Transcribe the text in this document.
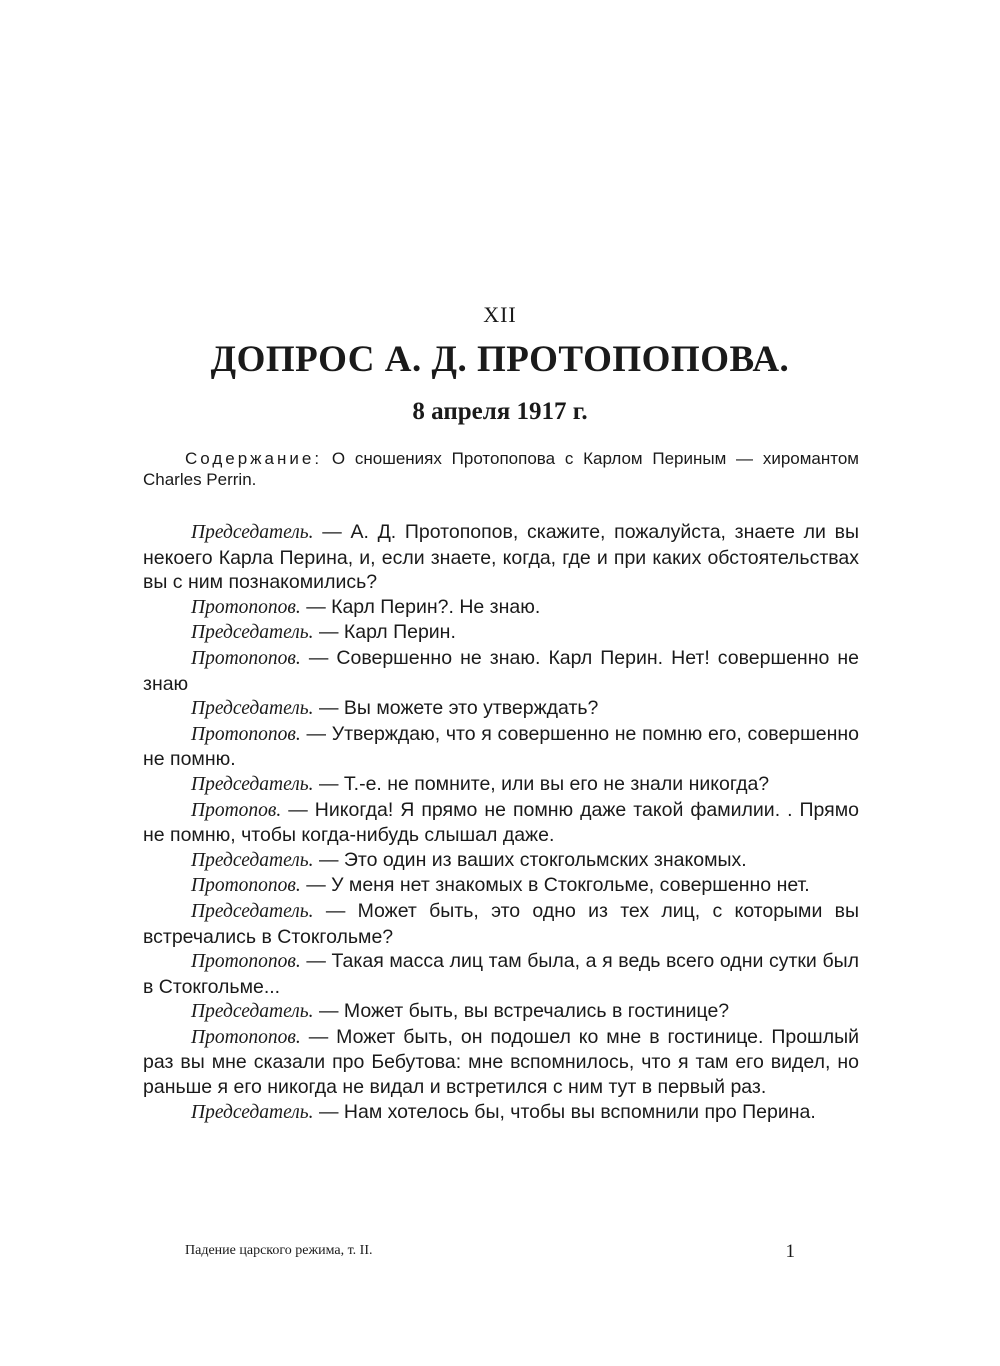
XII
ДОПРОС А. Д. ПРОТОПОПОВА.
8 апреля 1917 г.
Содержание: О сношениях Протопопова с Карлом Периным — хиромантом Charles Perrin.

Председатель. — А. Д. Протопопов, скажите, пожалуйста, знаете ли вы некоего Карла Перина, и, если знаете, когда, где и при каких обстоятельствах вы с ним познакомились?

Протопопов. — Карл Перин?. Не знаю.

Председатель. — Карл Перин.

Протопопов. — Совершенно не знаю. Карл Перин. Нет! совершенно не знаю

Председатель. — Вы можете это утверждать?

Протопопов. — Утверждаю, что я совершенно не помню его, совершенно не помню.

Председатель. — Т.-е. не помните, или вы его не знали никогда?

Протопов. — Никогда! Я прямо не помню даже такой фамилии. . Прямо не помню, чтобы когда-нибудь слышал даже.

Председатель. — Это один из ваших стокгольмских знакомых.

Протопопов. — У меня нет знакомых в Стокгольме, совершенно нет.

Председатель. — Может быть, это одно из тех лиц, с которыми вы встречались в Стокгольме?

Протопопов. — Такая масса лиц там была, а я ведь всего одни сутки был в Стокгольме...

Председатель. — Может быть, вы встречались в гостинице?

Протопопов. — Может быть, он подошел ко мне в гостинице. Прошлый раз вы мне сказали про Бебутова: мне вспомнилось, что я там его видел, но раньше я его никогда не видал и встретился с ним тут в первый раз.

Председатель. — Нам хотелось бы, чтобы вы вспомнили про Перина.

Падение царского режима, т. II.	1
